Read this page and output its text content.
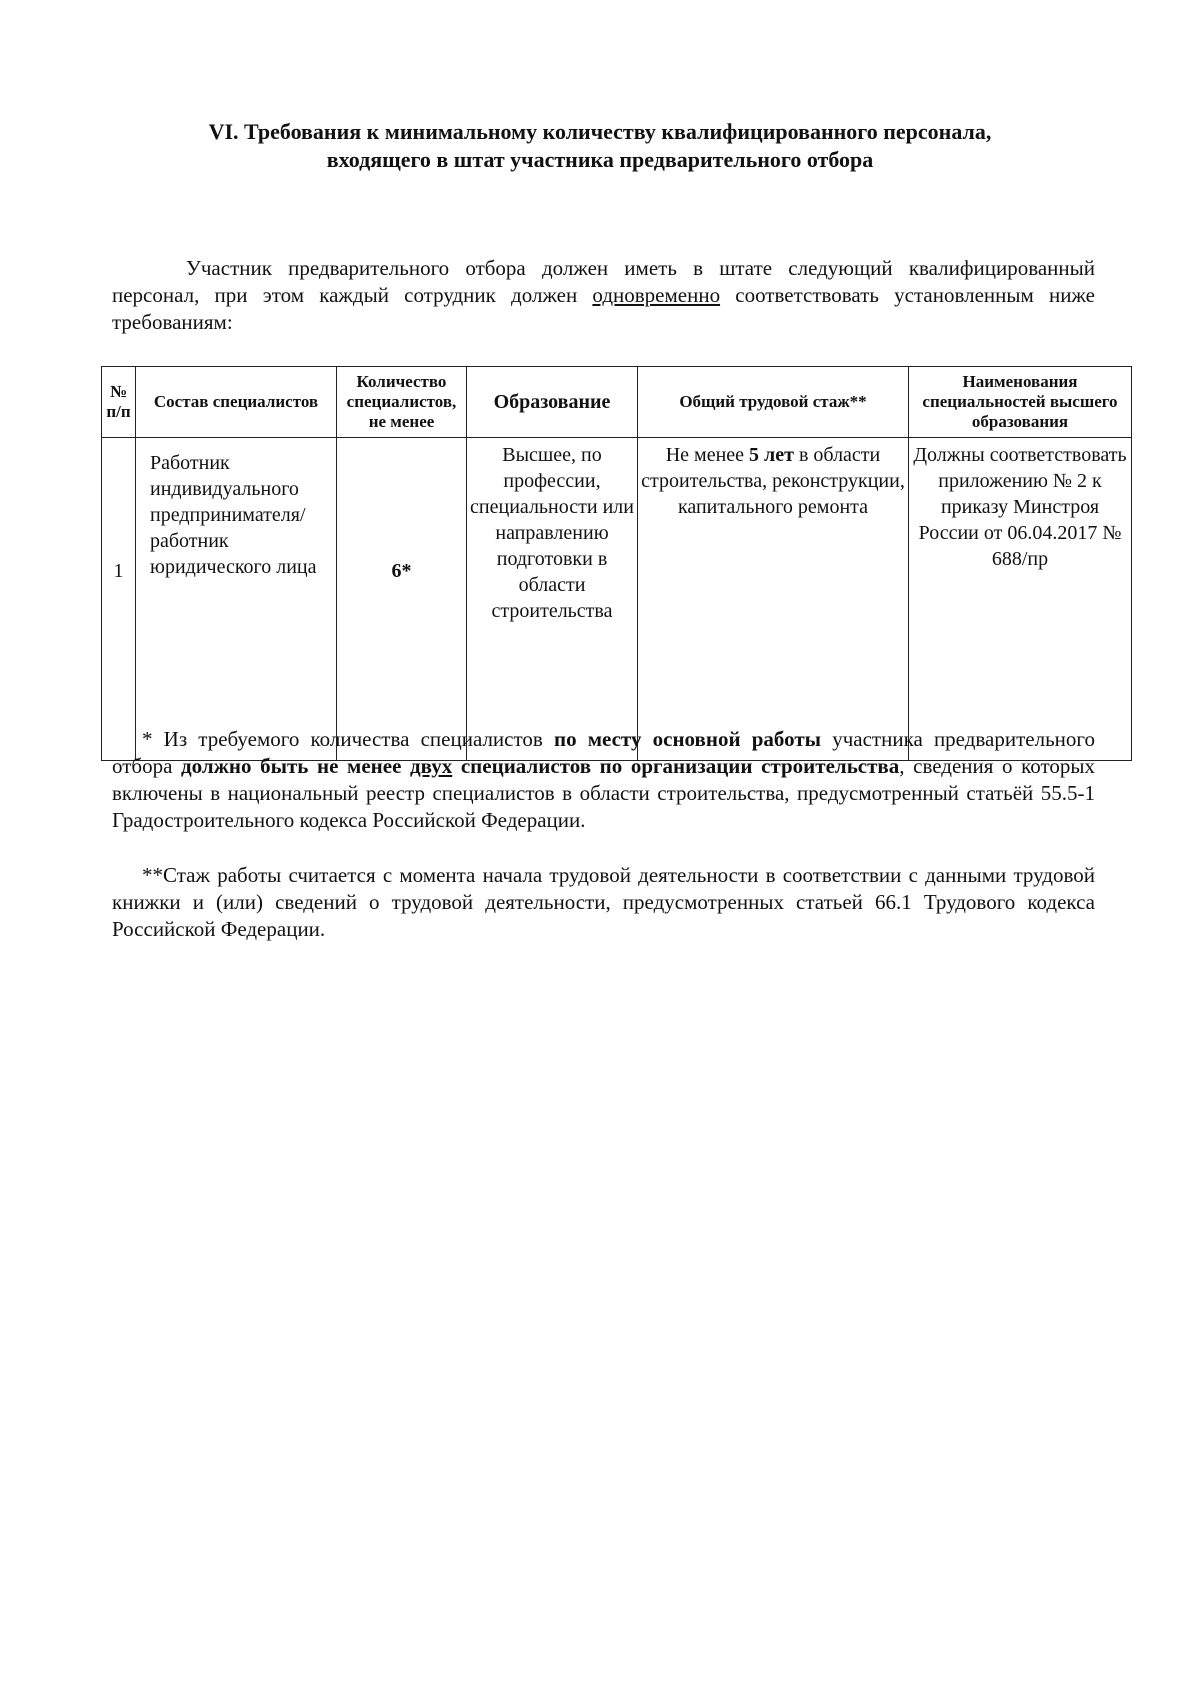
VI. Требования к минимальному количеству квалифицированного персонала,
входящего в штат участника предварительного отбора

Участник предварительного отбора должен иметь в штате следующий квалифицированный персонал, при этом каждый сотрудник должен одновременно соответствовать установленным ниже требованиям:

№ п/п	Состав специалистов	Количество специалистов, не менее	Образование	Общий трудовой стаж**	Наименования специальностей высшего образования
1	Работник индивидуального предпринимателя/ работник юридического лица	6*	Высшее, по профессии, специальности или направлению подготовки в области строительства	Не менее 5 лет в области строительства, реконструкции, капитального ремонта	Должны соответствовать приложению № 2 к приказу Минстроя России от 06.04.2017 № 688/пр

* Из требуемого количества специалистов по месту основной работы участника предварительного отбора должно быть не менее двух специалистов по организации строительства, сведения о которых включены в национальный реестр специалистов в области строительства, предусмотренный статьёй 55.5-1 Градостроительного кодекса Российской Федерации.

**Стаж работы считается с момента начала трудовой деятельности в соответствии с данными трудовой книжки и (или) сведений о трудовой деятельности, предусмотренных статьей 66.1 Трудового кодекса Российской Федерации.
